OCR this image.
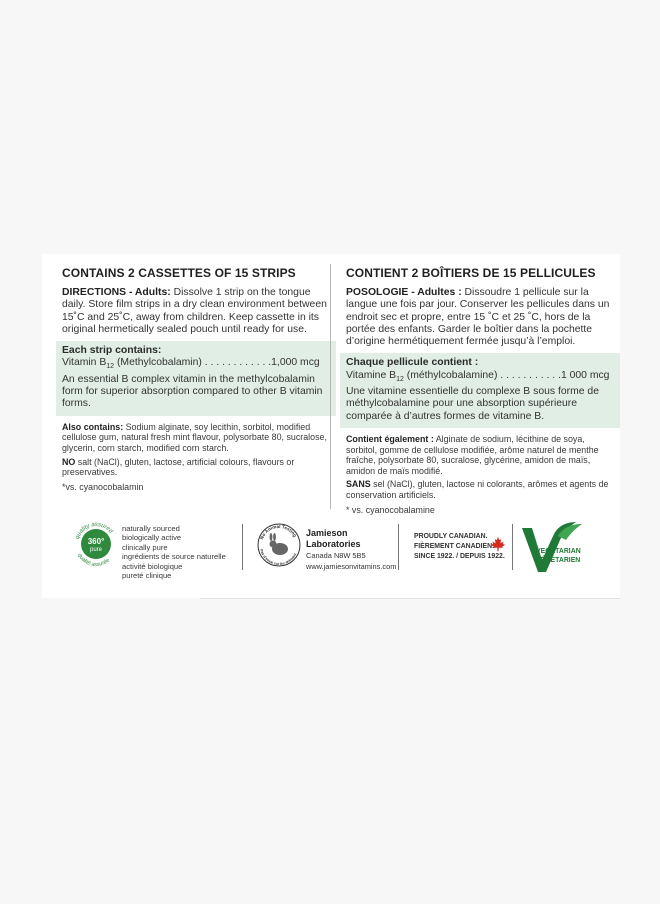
CONTAINS 2 CASSETTES OF 15 STRIPS

DIRECTIONS - Adults: Dissolve 1 strip on the tongue daily. Store film strips in a dry clean environment between 15˚C and 25˚C, away from children. Keep cassette in its original hermetically sealed pouch until ready for use.

Each strip contains:
Vitamin $B_{12}$ (Methylcobalamin) . . . . . . . . . . . .1,000 mcg
An essential B complex vitamin in the methylcobalamin form for superior absorption compared to other B vitamin forms.

Also contains: Sodium alginate, soy lecithin, sorbitol, modified cellulose gum, natural fresh mint flavour, polysorbate 80, sucralose, glycerin, corn starch, modified corn starch.

NO salt (NaCl), gluten, lactose, artificial colours, flavours or preservatives.

*vs. cyanocobalamin

CONTIENT 2 BOÎTIERS DE 15 PELLICULES

POSOLOGIE - Adultes : Dissoudre 1 pellicule sur la langue une fois par jour. Conserver les pellicules dans un endroit sec et propre, entre 15 ˚C et 25 ˚C, hors de la portée des enfants. Garder le boîtier dans la pochette d’origine hermétiquement fermée jusqu’à l’emploi.

Chaque pellicule contient :
Vitamine $B_{12}$ (méthylcobalamine) . . . . . . . . . . .1 000 mcg
Une vitamine essentielle du complexe B sous forme de méthylcobalamine pour une absorption supérieure comparée à d’autres formes de vitamine B.

Contient également : Alginate de sodium, lécithine de soya, sorbitol, gomme de cellulose modifiée, arôme naturel de menthe fraîche, polysorbate 80, sucralose, glycérine, amidon de maïs, amidon de maïs modifié.

SANS sel (NaCl), gluten, lactose ni colorants, arômes et agents de conservation artificiels.

* vs. cyanocobalamine

quality assured
qualité assurée
360°
pure
naturally sourced
biologically active
clinically pure
ingrédients de source naturelle
activité biologique
pureté clinique
No Animal Testing
Pas d’essai sur les animaux
Jamieson Laboratories
Canada N8W 5B5
www.jamiesonvitamins.com
PROUDLY CANADIAN.
FIÈREMENT CANADIEN.
SINCE 1922. / DEPUIS 1922.
VEGETARIAN
VÉGÉTARIEN
